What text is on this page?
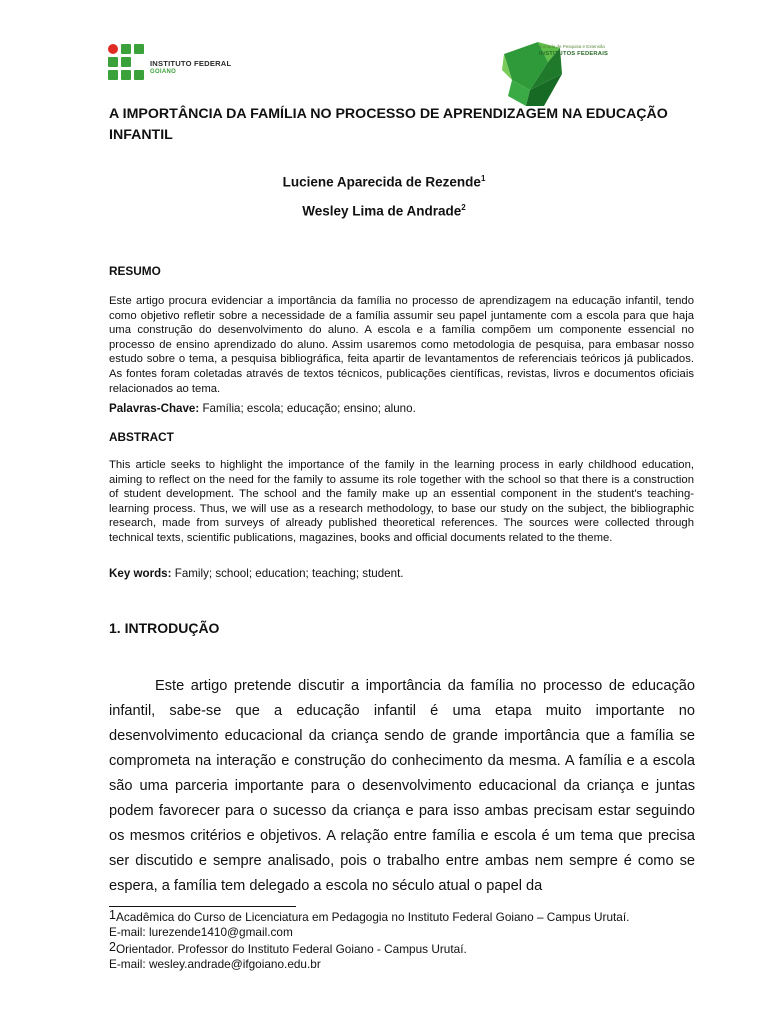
INSTITUTO FEDERAL
GOIANO
Jornada de Pesquisa e Extensão
INSTITUTOS FEDERAIS
A IMPORTÂNCIA DA FAMÍLIA NO PROCESSO DE APRENDIZAGEM NA EDUCAÇÃO INFANTIL

Luciene Aparecida de Rezende$^1$

Wesley Lima de Andrade$^2$

RESUMO

Este artigo procura evidenciar a importância da família no processo de aprendizagem na educação infantil, tendo como objetivo refletir sobre a necessidade de a família assumir seu papel juntamente com a escola para que haja uma construção do desenvolvimento do aluno. A escola e a família compõem um componente essencial no processo de ensino aprendizado do aluno. Assim usaremos como metodologia de pesquisa, para embasar nosso estudo sobre o tema, a pesquisa bibliográfica, feita apartir de levantamentos de referenciais teóricos já publicados. As fontes foram coletadas através de textos técnicos, publicações científicas, revistas, livros e documentos oficiais relacionados ao tema.

Palavras-Chave: Família; escola; educação; ensino; aluno.

ABSTRACT

This article seeks to highlight the importance of the family in the learning process in early childhood education, aiming to reflect on the need for the family to assume its role together with the school so that there is a construction of student development. The school and the family make up an essential component in the student's teaching-learning process. Thus, we will use as a research methodology, to base our study on the subject, the bibliographic research, made from surveys of already published theoretical references. The sources were collected through technical texts, scientific publications, magazines, books and official documents related to the theme.

Key words: Family; school; education; teaching; student.

1. INTRODUÇÃO

Este artigo pretende discutir a importância da família no processo de educação infantil, sabe-se que a educação infantil é uma etapa muito importante no desenvolvimento educacional da criança sendo de grande importância que a família se comprometa na interação e construção do conhecimento da mesma. A família e a escola são uma parceria importante para o desenvolvimento educacional da criança e juntas podem favorecer para o sucesso da criança e para isso ambas precisam estar seguindo os mesmos critérios e objetivos. A relação entre família e escola é um tema que precisa ser discutido e sempre analisado, pois o trabalho entre ambas nem sempre é como se espera, a família tem delegado a escola no século atual o papel da

1Acadêmica do Curso de Licenciatura em Pedagogia no Instituto Federal Goiano – Campus Urutaí.
E-mail: lurezende1410@gmail.com

2Orientador. Professor do Instituto Federal Goiano - Campus Urutaí.
E-mail: wesley.andrade@ifgoiano.edu.br
